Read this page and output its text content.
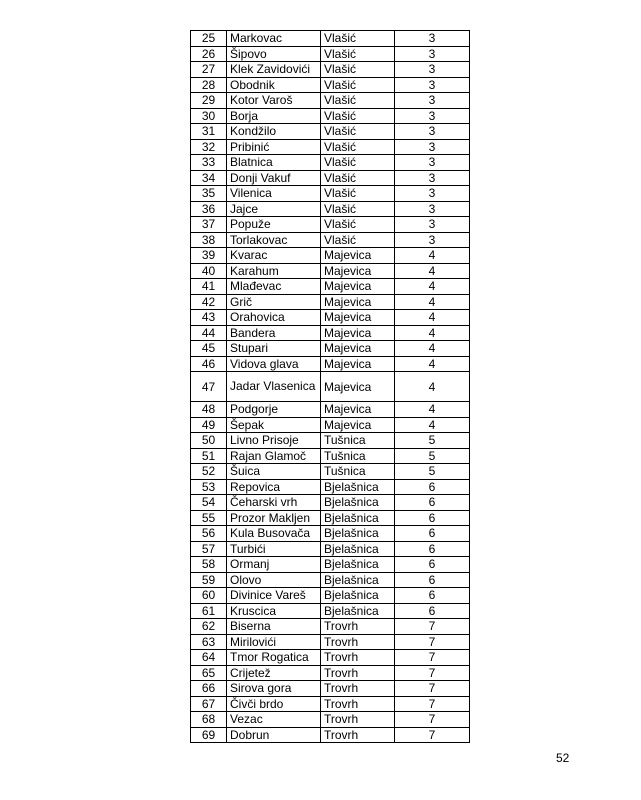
25	Markovac	Vlašić	3
26	Šipovo	Vlašić	3
27	Klek Zavidovići	Vlašić	3
28	Obodnik	Vlašić	3
29	Kotor Varoš	Vlašić	3
30	Borja	Vlašić	3
31	Kondžilo	Vlašić	3
32	Pribinić	Vlašić	3
33	Blatnica	Vlašić	3
34	Donji Vakuf	Vlašić	3
35	Vilenica	Vlašić	3
36	Jajce	Vlašić	3
37	Popuže	Vlašić	3
38	Torlakovac	Vlašić	3
39	Kvarac	Majevica	4
40	Karahum	Majevica	4
41	Mlađevac	Majevica	4
42	Grič	Majevica	4
43	Orahovica	Majevica	4
44	Bandera	Majevica	4
45	Stupari	Majevica	4
46	Vidova glava	Majevica	4
47	Jadar Vlasenica	Majevica	4
48	Podgorje	Majevica	4
49	Šepak	Majevica	4
50	Livno Prisoje	Tušnica	5
51	Rajan Glamoč	Tušnica	5
52	Šuica	Tušnica	5
53	Repovica	Bjelašnica	6
54	Čeharski vrh	Bjelašnica	6
55	Prozor Makljen	Bjelašnica	6
56	Kula Busovača	Bjelašnica	6
57	Turbići	Bjelašnica	6
58	Ormanj	Bjelašnica	6
59	Olovo	Bjelašnica	6
60	Divinice Vareš	Bjelašnica	6
61	Kruscica	Bjelašnica	6
62	Biserna	Trovrh	7
63	Mirilovići	Trovrh	7
64	Tmor Rogatica	Trovrh	7
65	Crijetež	Trovrh	7
66	Sirova gora	Trovrh	7
67	Čivči brdo	Trovrh	7
68	Vezac	Trovrh	7
69	Dobrun	Trovrh	7
52
